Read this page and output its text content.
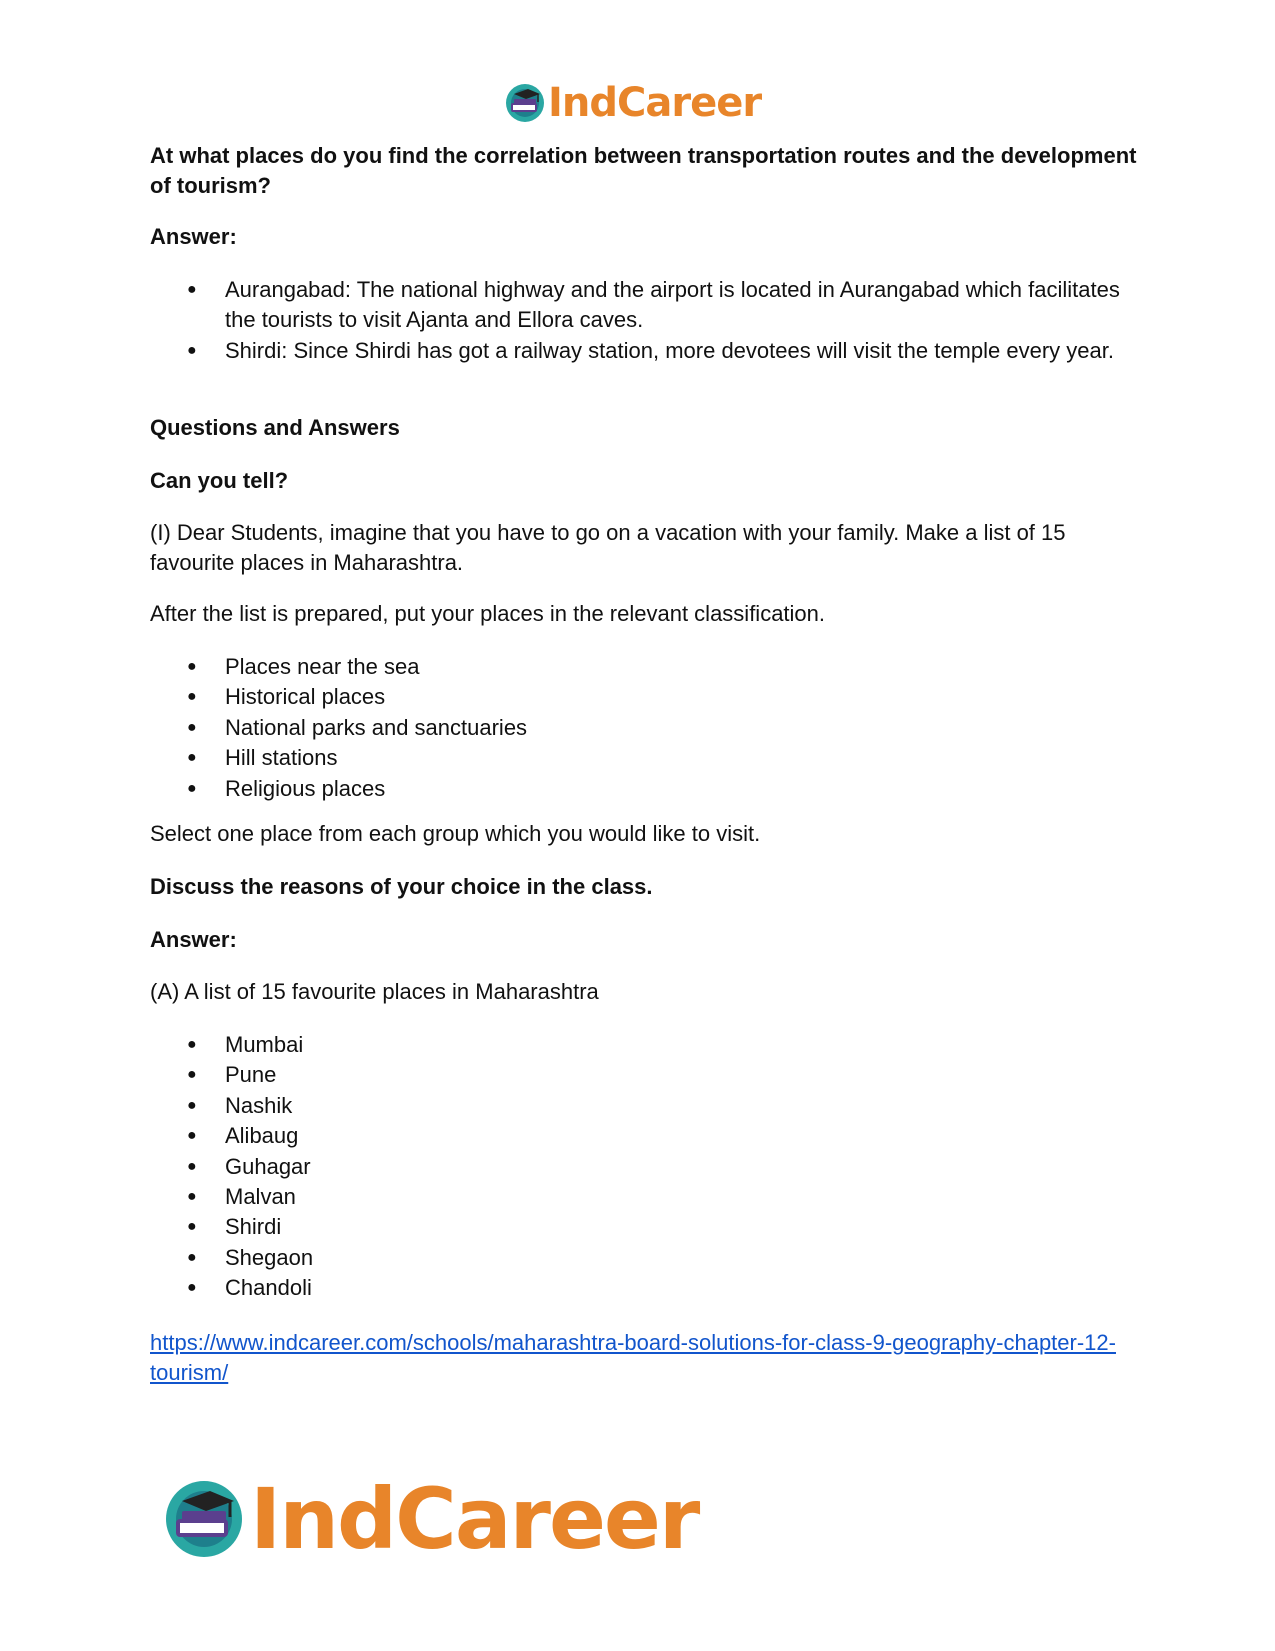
IndCareer
At what places do you find the correlation between transportation routes and the development of tourism?
Answer:
● Aurangabad: The national highway and the airport is located in Aurangabad which facilitates the tourists to visit Ajanta and Ellora caves.
● Shirdi: Since Shirdi has got a railway station, more devotees will visit the temple every year.
Questions and Answers
Can you tell?
(I) Dear Students, imagine that you have to go on a vacation with your family. Make a list of 15 favourite places in Maharashtra.
After the list is prepared, put your places in the relevant classification.
● Places near the sea
● Historical places
● National parks and sanctuaries
● Hill stations
● Religious places
Select one place from each group which you would like to visit.
Discuss the reasons of your choice in the class.
Answer:
(A) A list of 15 favourite places in Maharashtra
● Mumbai
● Pune
● Nashik
● Alibaug
● Guhagar
● Malvan
● Shirdi
● Shegaon
● Chandoli
https://www.indcareer.com/schools/maharashtra-board-solutions-for-class-9-geography-chapter-12-tourism/
IndCareer
